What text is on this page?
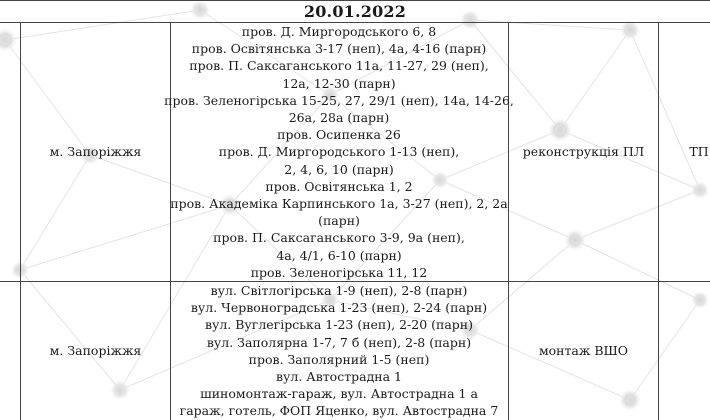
20.01.2022
м. Запоріжжя
пров. Д. Миргородського 6, 8
пров. Освітянська 3-17 (неп), 4а, 4-16 (парн)
пров. П. Саксаганського 11а, 11-27, 29 (неп),
12а, 12-30 (парн)
пров. Зеленогірська 15-25, 27, 29/1 (неп), 14а, 14-26,
26а, 28а (парн)
пров. Осипенка 26
пров. Д. Миргородського 1-13 (неп),
2, 4, 6, 10 (парн)
пров. Освітянська 1, 2
пров. Академіка Карпинського 1а, 3-27 (неп), 2, 2а
(парн)
пров. П. Саксаганського 3-9, 9а (неп),
4а, 4/1, 6-10 (парн)
пров. Зеленогірська 11, 12
реконструкція ПЛ	ТП
м. Запоріжжя
вул. Світлогірська 1-9 (неп), 2-8 (парн)
вул. Червоноградська 1-23 (неп), 2-24 (парн)
вул. Вуглегірська 1-23 (неп), 2-20 (парн)
вул. Заполярна 1-7, 7 б (неп), 2-8 (парн)
пров. Заполярний 1-5 (неп)
вул. Автострадна 1
шиномонтаж-гараж, вул. Автострадна 1 а
гараж, готель, ФОП Яценко, вул. Автострадна 7
монтаж ВШО
